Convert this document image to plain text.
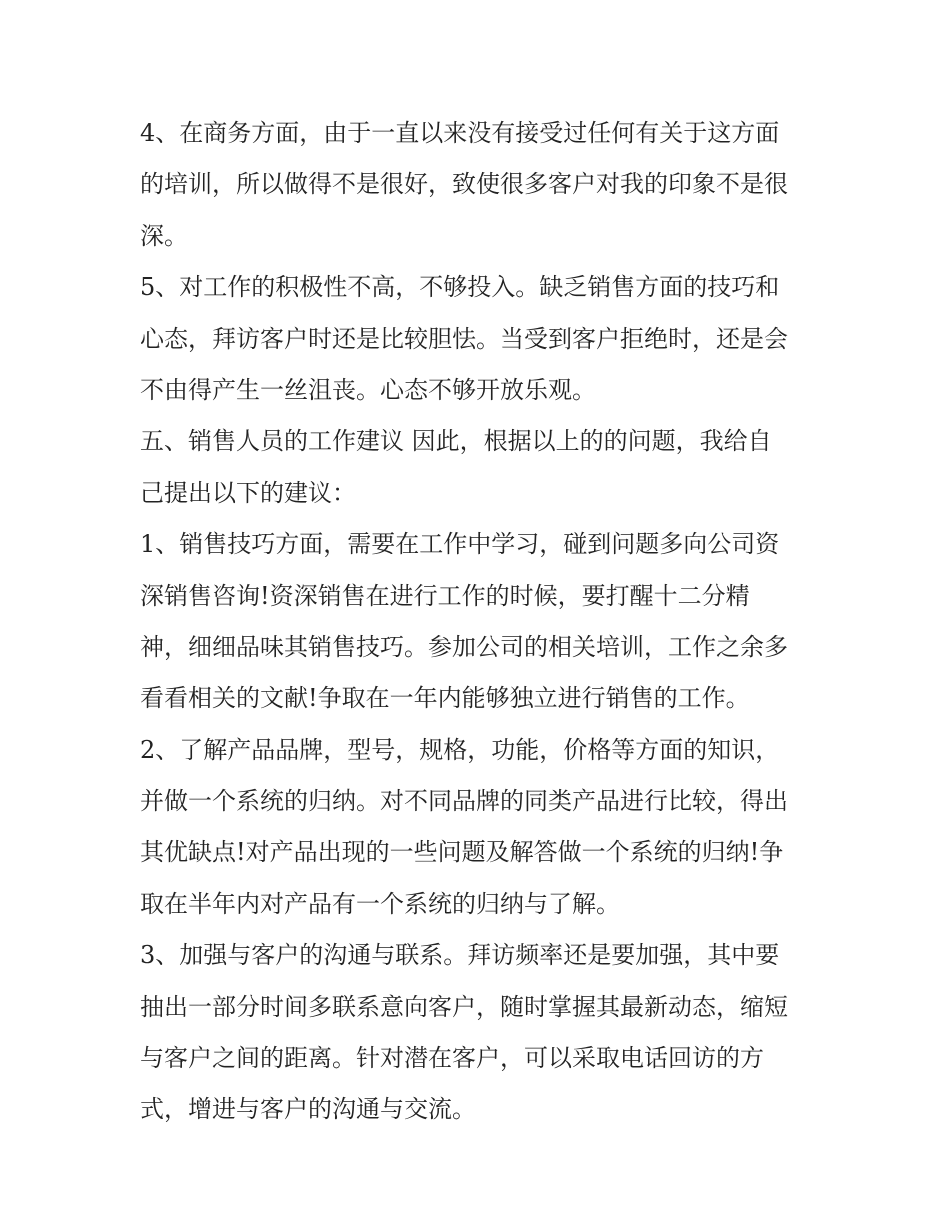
4、在商务方面，由于一直以来没有接受过任何有关于这方面
的培训，所以做得不是很好，致使很多客户对我的印象不是很
深。
5、对工作的积极性不高，不够投入。缺乏销售方面的技巧和
心态，拜访客户时还是比较胆怯。当受到客户拒绝时，还是会
不由得产生一丝沮丧。心态不够开放乐观。
五、销售人员的工作建议 因此，根据以上的的问题，我给自
己提出以下的建议：
1、销售技巧方面，需要在工作中学习，碰到问题多向公司资
深销售咨询!资深销售在进行工作的时候，要打醒十二分精
神，细细品味其销售技巧。参加公司的相关培训，工作之余多
看看相关的文献!争取在一年内能够独立进行销售的工作。
2、了解产品品牌，型号，规格，功能，价格等方面的知识，
并做一个系统的归纳。对不同品牌的同类产品进行比较，得出
其优缺点!对产品出现的一些问题及解答做一个系统的归纳!争
取在半年内对产品有一个系统的归纳与了解。
3、加强与客户的沟通与联系。拜访频率还是要加强，其中要
抽出一部分时间多联系意向客户，随时掌握其最新动态，缩短
与客户之间的距离。针对潜在客户，可以采取电话回访的方
式，增进与客户的沟通与交流。
